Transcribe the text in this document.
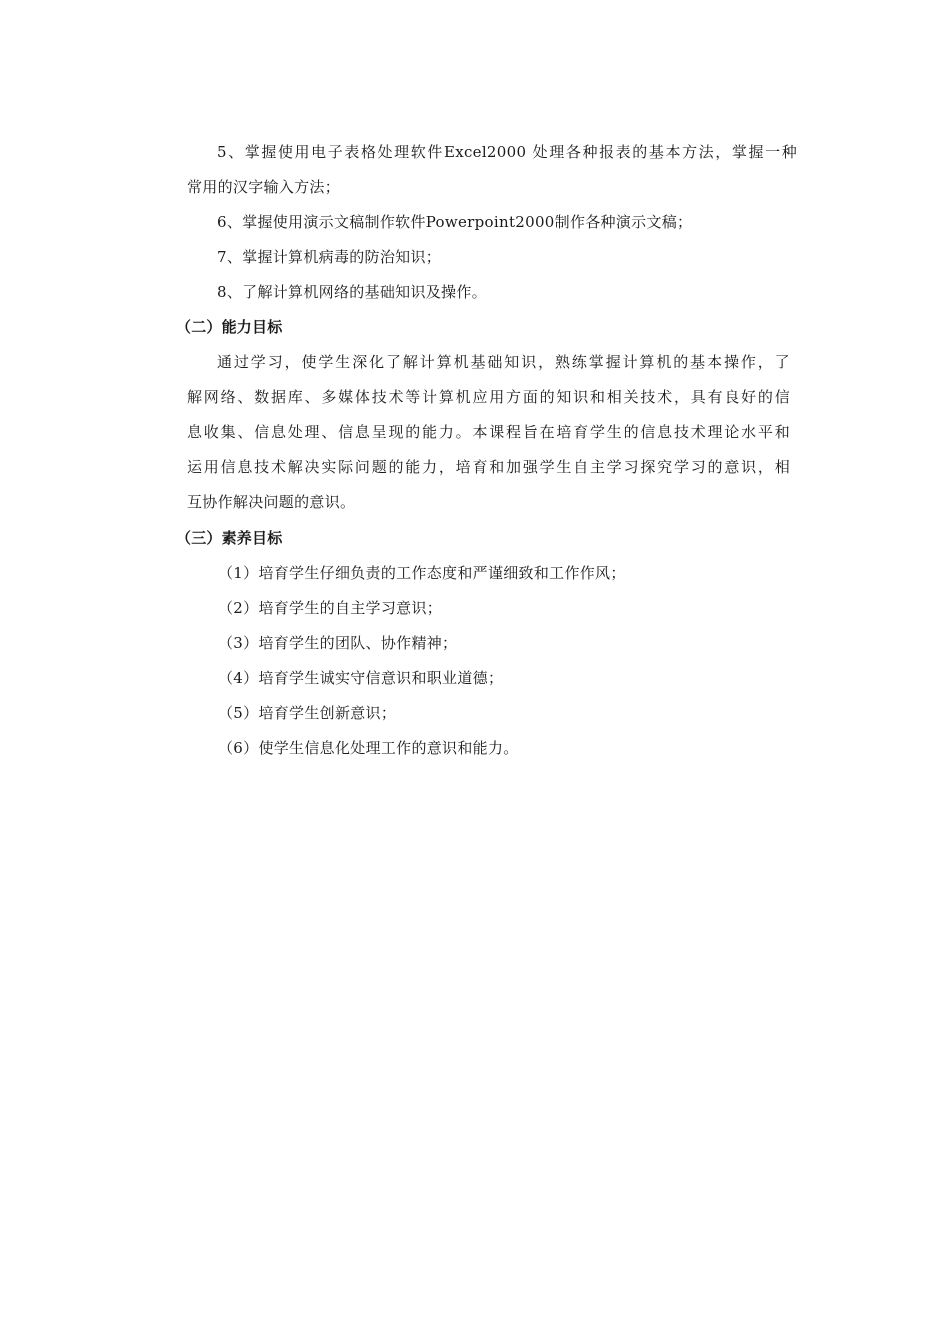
5、掌握使用电子表格处理软件Excel2000 处理各种报表的基本方法，掌握一种
常用的汉字输入方法；
6、掌握使用演示文稿制作软件Powerpoint2000制作各种演示文稿；
7、掌握计算机病毒的防治知识；
8、了解计算机网络的基础知识及操作。
（二）能力目标
通过学习，使学生深化了解计算机基础知识，熟练掌握计算机的基本操作，了
解网络、数据库、多媒体技术等计算机应用方面的知识和相关技术，具有良好的信
息收集、信息处理、信息呈现的能力。本课程旨在培育学生的信息技术理论水平和
运用信息技术解决实际问题的能力，培育和加强学生自主学习探究学习的意识，相
互协作解决问题的意识。
（三）素养目标
（1）培育学生仔细负责的工作态度和严谨细致和工作作风；
（2）培育学生的自主学习意识；
（3）培育学生的团队、协作精神；
（4）培育学生诚实守信意识和职业道德；
（5）培育学生创新意识；
（6）使学生信息化处理工作的意识和能力。
